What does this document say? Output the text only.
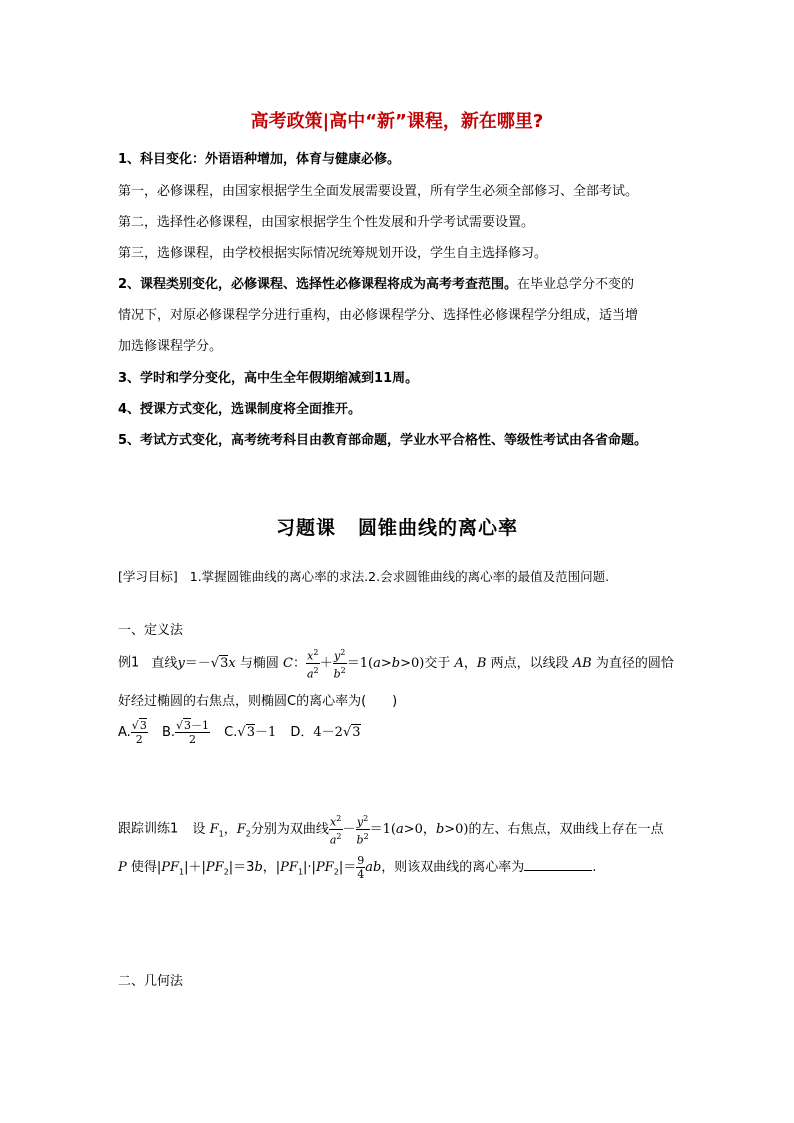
高考政策|高中“新”课程，新在哪里?
1、科目变化：外语语种增加，体育与健康必修。
第一，必修课程，由国家根据学生全面发展需要设置，所有学生必须全部修习、全部考试。
第二，选择性必修课程，由国家根据学生个性发展和升学考试需要设置。
第三，选修课程，由学校根据实际情况统筹规划开设，学生自主选择修习。
2、课程类别变化，必修课程、选择性必修课程将成为高考考查范围。在毕业总学分不变的
情况下，对原必修课程学分进行重构，由必修课程学分、选择性必修课程学分组成，适当增
加选修课程学分。
3、学时和学分变化，高中生全年假期缩减到11周。
4、授课方式变化，选课制度将全面推开。
5、考试方式变化，高考统考科目由教育部命题，学业水平合格性、等级性考试由各省命题。
习题课 圆锥曲线的离心率
[学习目标] 1.掌握圆锥曲线的离心率的求法.2.会求圆锥曲线的离心率的最值及范围问题.
一、定义法
例1 直线y＝－√3x 与椭圆 C： $\frac{x^2}{a^2} + \frac{y^2}{b^2} =1(a>b>0)$交于 A，B 两点，以线段 AB 为直径的圆恰
好经过椭圆的右焦点，则椭圆C的离心率为(　　)
A. $\frac{√3}{2} B$. $\frac{√3-1}{2} C.√3-1$ D．4－2√3
跟踪训练1 设 $F_1$，$F_2$分别为双曲线 $\frac{x^2}{a^2} - \frac{y^2}{b^2} =1(a>0$，b>0)的左、右焦点，双曲线上存在一点
P 使得$|PF_1|+|PF_2|=3b$，$|PF_1|\cdot|PF_2|= \frac{9}{4}$ ab，则该双曲线的离心率为	.
二、几何法
